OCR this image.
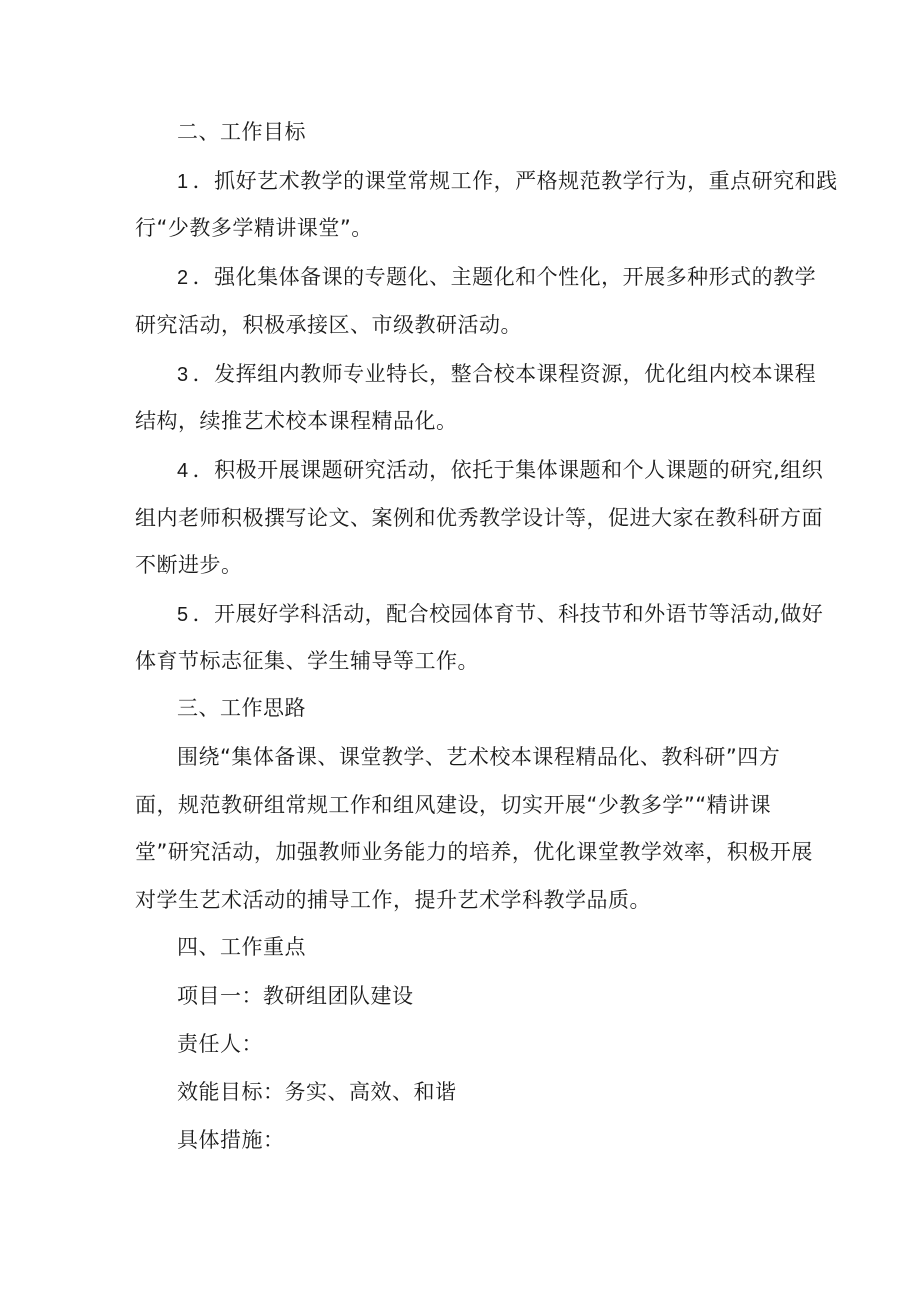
二、工作目标
1 ．抓好艺术教学的课堂常规工作，严格规范教学行为，重点研究和践
行“少教多学精讲课堂”。
2 ．强化集体备课的专题化、主题化和个性化，开展多种形式的教学
研究活动，积极承接区、市级教研活动。
3 ．发挥组内教师专业特长，整合校本课程资源，优化组内校本课程
结构，续推艺术校本课程精品化。
4 ．积极开展课题研究活动，依托于集体课题和个人课题的研究,组织
组内老师积极撰写论文、案例和优秀教学设计等，促进大家在教科研方面
不断进步。
5 ．开展好学科活动，配合校园体育节、科技节和外语节等活动,做好
体育节标志征集、学生辅导等工作。
三、工作思路
围绕“集体备课、课堂教学、艺术校本课程精品化、教科研”四方
面，规范教研组常规工作和组风建设，切实开展“少教多学”“精讲课
堂”研究活动，加强教师业务能力的培养，优化课堂教学效率，积极开展
对学生艺术活动的捕导工作，提升艺术学科教学品质。
四、工作重点
项目一：教研组团队建设
责任人：
效能目标：务实、高效、和谐
具体措施：
